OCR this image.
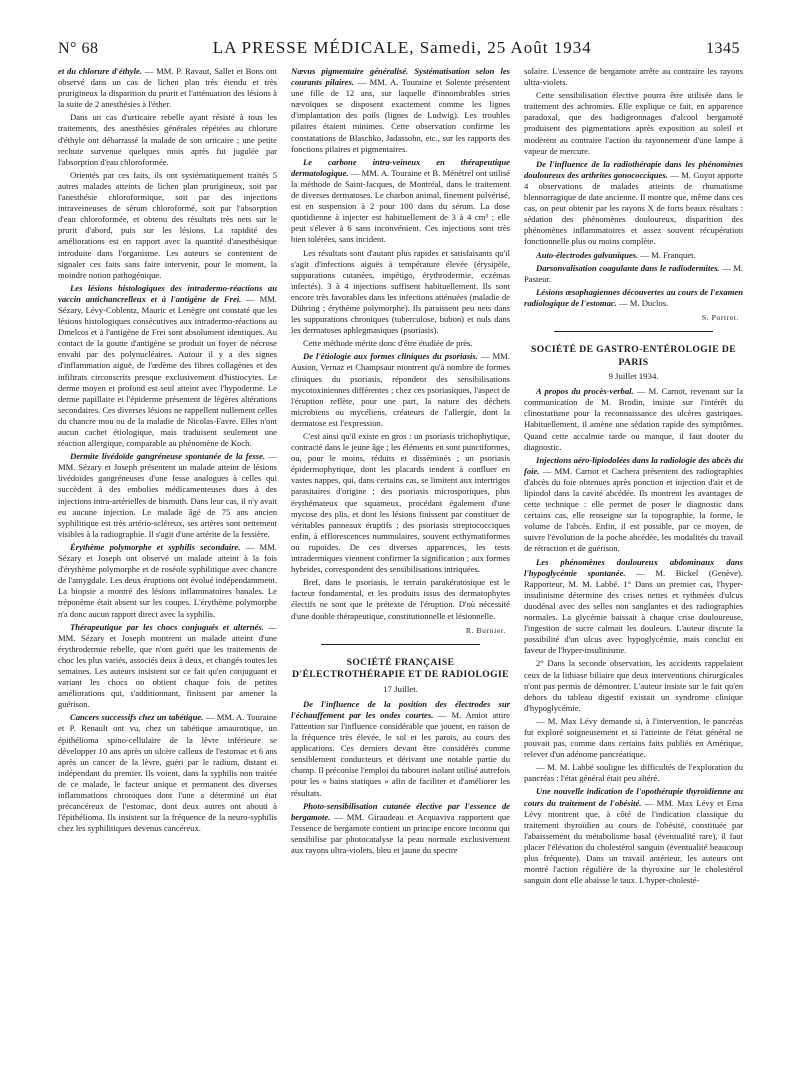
N° 68	LA PRESSE MÉDICALE, Samedi, 25 Août 1934	1345

et du chlorure d'éthyle. — MM. P. Ravaut, Sallet et Bons ont observé dans un cas de lichen plan très étendu et très prurigineux la disparition du prurit et l'atténuation des lésions à la suite de 2 anesthésies à l'éther.

Dans un cas d'urticaire rebelle ayant résisté à tous les traitements, des anesthésies générales répétées au chlorure d'éthyle ont débarrassé la malade de son urticaire ; une petite rechute survenue quelques mois après fut jugulée par l'absorption d'eau chloroformée.

Orientés par ces faits, ils ont systématiquement traités 5 autres malades atteints de lichen plan prurigineux, soit par l'anesthésie chloroformique, soit par des injections intraveineuses de sérum chloroformé, soit par l'absorption d'eau chloroformée, et obtenu des résultats très nets sur le prurit d'abord, puis sur les lésions. La rapidité des améliorations est en rapport avec la quantité d'anesthésique introduite dans l'organisme. Les auteurs se contentent de signaler ces faits sans faire intervenir, pour le moment, la moindre notion pathogénique.

Les lésions histologiques des intradermo-réactions au vaccin antichancrelleux et à l'antigène de Frei. — MM. Sézary, Lévy-Coblentz, Mauric et Lenègre ont constaté que les lésions histologiques consécutives aux intradermo-réactions au Dmelcos et à l'antigène de Frei sont absolument identiques. Au contact de la goutte d'antigène se produit un foyer de nécrose envahi par des polynucléaires. Autour il y a des signes d'inflammation aiguë, de l'œdème des fibres collagènes et des infiltrats circonscrits presque exclusivement d'histiocytes. Le derme moyen et profond est seul atteint avec l'hypoderme. Le derme papillaire et l'épiderme présentent de légères altérations secondaires. Ces diverses lésions ne rappellent nullement celles du chancre mou ou de la maladie de Nicolas-Favre. Elles n'ont aucun cachet étiologique, mais traduisent seulement une réaction allergique, comparable au phénomène de Koch.

Dermite livédoïde gangréneuse spontanée de la fesse. — MM. Sézary et Joseph présentent un malade atteint de lésions livédoïdes gangréneuses d'une fesse analogues à celles qui succèdent à des embolies médicamenteuses dues à des injections intra-artérielles de bismuth. Dans leur cas, il n'y avait eu aucune injection. Le malade âgé de 75 ans ancien syphilitique est très artério-scléreux, ses artères sont nettement visibles à la radiographie. Il s'agit d'une artérite de la fessière.

Érythème polymorphe et syphilis secondaire. — MM. Sézary et Joseph ont observé un malade atteint à la fois d'érythème polymorphe et de roséole syphilitique avec chancre de l'amygdale. Les deux éruptions ont évolué indépendamment. La biopsie a montré des lésions inflammatoires banales. Le tréponème était absent sur les coupes. L'érythème polymorphe n'a donc aucun rapport direct avec la syphilis.

Thérapeutique par les chocs conjugués et alternés. — MM. Sézary et Joseph montrent un malade atteint d'une érythrodermie rebelle, que n'ont guéri que les traitements de choc les plus variés, associés deux à deux, et changés toutes les semaines. Les auteurs insistent sur ce fait qu'en conjuguant et variant les chocs on obtient chaque fois de petites améliorations qui, s'additionnant, finissent par amener la guérison.

Cancers successifs chez un tabétique. — MM. A. Touraine et P. Renault ont vu, chez un tabétique amaurotique, un épithélioma spino-cellulaire de la lèvre inférieure se développer 10 ans après un ulcère calleux de l'estomac et 6 ans après un cancer de la lèvre, guéri par le radium, distant et indépendant du premier. Ils voient, dans la syphilis non traitée de ce malade, le facteur unique et permanent des diverses inflammations chroniques dont l'une a déterminé un état précancéreux de l'estomac, dont deux autres ont abouti à l'épithélioma. Ils insistent sur la fréquence de la neuro-syphilis chez les syphilitiques devenus cancéreux.

Nævus pigmentaire généralisé. Systématisation selon les courants pilaires. — MM. A. Touraine et Solente présentent une fille de 12 ans, sur laquelle d'innombrables stries nævoïques se disposent exactement comme les lignes d'implantation des poils (lignes de Ludwig). Les troubles pilaires étaient minimes. Cette observation confirme les constatations de Blaschko, Jadassohn, etc., sur les rapports des fonctions pilaires et pigmentaires.

Le carbone intra-veineux en thérapeutique dermatologique. — MM. A. Touraine et B. Ménétrel ont utilisé la méthode de Saint-Jacques, de Montréal, dans le traitement de diverses dermatoses. Le charbon animal, finement pulvérisé, est en suspension à 2 pour 100 dans du sérum. La dose quotidienne à injecter est habituellement de 3 à 4 cm³ ; elle peut s'élever à 6 sans inconvénient. Ces injections sont très bien tolérées, sans incident.

Les résultats sont d'autant plus rapides et satisfaisants qu'il s'agit d'infections aiguës à température élevée (érysipèle, suppurations cutanées, impétigo, érythrodermie, eczémas infectés). 3 à 4 injections suffisent habituellement. Ils sont encore très favorables dans les infections atténuées (maladie de Dühring ; érythème polymorphe). Ils paraissent peu nets dans les suppurations chroniques (tuberculose, bubon) et nuls dans les dermatoses aphlegmasiques (psoriasis).

Cette méthode mérite donc d'être étudiée de près.

De l'étiologie aux formes cliniques du psoriasis. — MM. Ausion, Vernaz et Champsaur montrent qu'à nombre de formes cliniques du psoriasis, répondent des sensibilisations mycotoxiniennes différentes ; chez ces psoriasiques, l'aspect de l'éruption reflète, pour une part, la nature des déchets microbiens ou mycéliens, créateurs de l'allergie, dont la dermatose est l'expression.

C'est ainsi qu'il existe en gros : un psoriasis trichophytique, contracté dans le jeune âge ; les éléments en sont punctiformes, ou, pour le moins, réduits et disséminés ; un psoriasis épidermophytique, dont les placards tendent à confluer en vastes nappes, qui, dans certains cas, se limitent aux intertrigos parasitaires d'origine ; des psoriasis microsporiques, plus érythémateux que squameux, procédant également d'une mycose des plis, et dont les lésions finissent par constituer de véritables panneaux éruptifs ; des psoriasis streptococciques enfin, à efflorescences nummulaires, souvent ecthymatiformes ou rupoïdes. De ces diverses apparences, les tests intradermiques viennent confirmer la signification ; aux formes hybrides, correspondent des sensibilisations intriquées.

Bref, dans le psoriasis, le terrain parakératosique est le facteur fondamental, et les produits issus des dermatophytes électifs ne sont que le prétexte de l'éruption. D'où nécessité d'une double thérapeutique, constitutionnelle et lésionnelle.

R. Burnier.
SOCIÉTÉ FRANÇAISE D'ÉLECTROTHÉRAPIE ET DE RADIOLOGIE
17 Juillet.

De l'influence de la position des électrodes sur l'échauffement par les ondes courtes. — M. Amiot attire l'attention sur l'influence considérable que jouent, en raison de la fréquence très élevée, le sol et les parois, au cours des applications. Ces derniers devant être considérés comme sensiblement conducteurs et dérivant une notable partie du champ. Il préconise l'emploi du tabouret isolant utilisé autrefois pour les « bains statiques » afin de faciliter et d'améliorer les résultats.

Photo-sensibilisation cutanée élective par l'essence de bergamote. — MM. Giraudeau et Acquaviva rapportent que l'essence de bergamote contient un principe encore inconnu qui sensibilise par photocatalyse la peau normale exclusivement aux rayons ultra-violets, bleu et jaune du spectre

solaire. L'essence de bergamote arrête au contraire les rayons ultra-violets.

Cette sensibilisation élective pourra être utilisée dans le traitement des achromies. Elle explique ce fait, en apparence paradoxal, que des badigeonnages d'alcool bergamoté produisent des pigmentations après exposition au soleil et modèrent au contraire l'action du rayonnement d'une lampe à vapeur de mercure.

De l'influence de la radiothérapie dans les phénomènes douloureux des arthrites gonococciques. — M. Guyot apporte 4 observations de malades atteints de rhumatisme blennorragique de date ancienne. Il montre que, même dans ces cas, on peut obtenir par les rayons X de forts beaux résultats : sédation des phénomènes douloureux, disparition des phénomènes inflammatoires et assez souvent récupération fonctionnelle plus ou moins complète.

Auto-électrodes galvaniques. — M. Franquet.

Darsonvalisation coagulante dans le radiodermites. — M. Pasteur.

Lésions œsophagiennes découvertes au cours de l'examen radiologique de l'estomac. — M. Duclos.

S. Portret.
SOCIÉTÉ DE GASTRO-ENTÉROLOGIE DE PARIS
9 Juillet 1934.

A propos du procès-verbal. — M. Carnot, revenant sur la communication de M. Brodin, insiste sur l'intérêt du clinostatisme pour la reconnaissance des ulcères gastriques. Habituellement, il amène une sédation rapide des symptômes. Quand cette accalmie tarde ou manque, il faut douter du diagnostic.

Injections aéro-lipiodolées dans la radiologie des abcès du foie. — MM. Carnot et Cachera présentent des radiographies d'abcès du foie obtenues après ponction et injection d'air et de lipiodol dans la cavité abcédée. Ils montrent les avantages de cette technique : elle permet de poser le diagnostic dans certains cas, elle renseigne sur la topographie, la forme, le volume de l'abcès. Enfin, il est possible, par ce moyen, de suivre l'évolution de la poche abcédée, les modalités du travail de rétraction et de guérison.

Les phénomènes douloureux abdominaux dans l'hypoglycémie spontanée. — M. Bickel (Genève). Rapporteur, M. M. Labbé. 1° Dans un premier cas, l'hyper-insulinisme détermine des crises nettes et rythmées d'ulcus duodénal avec des selles non sanglantes et des radiographies normales. La glycémie baissait à chaque crise douloureuse, l'ingestion de sucre calmait les douleurs. L'auteur discute la possibilité d'un ulcus avec hypoglycémie, mais conclut en faveur de l'hyper-insulinisme.

2° Dans la seconde observation, les accidents rappelaient ceux de la lithiase biliaire que deux interventions chirurgicales n'ont pas permis de démontrer. L'auteur insiste sur le fait qu'en dehors du tableau digestif existait un syndrome clinique d'hypoglycémie.

— M. Max Lévy demande si, à l'intervention, le pancréas fut exploré soigneusement et si l'atteinte de l'état général ne pouvait pas, comme dans certains faits publiés en Amérique, relever d'un adénome pancréatique.

— M. M. Labbé souligne les difficultés de l'exploration du pancréas : l'état général était peu altéré.

Une nouvelle indication de l'opothérapie thyroïdienne au cours du traitement de l'obésité. — MM. Max Lévy et Erna Lévy montrent que, à côté de l'indication classique du traitement thyroïdien au cours de l'obésité, constituée par l'abaissement du métabolisme basal (éventualité rare), il faut placer l'élévation du cholestérol sanguin (éventualité beaucoup plus fréquente). Dans un travail antérieur, les auteurs ont montré l'action régulière de la thyroxine sur le cholestérol sanguin dont elle abaisse le taux. L'hyper-cholesté-
